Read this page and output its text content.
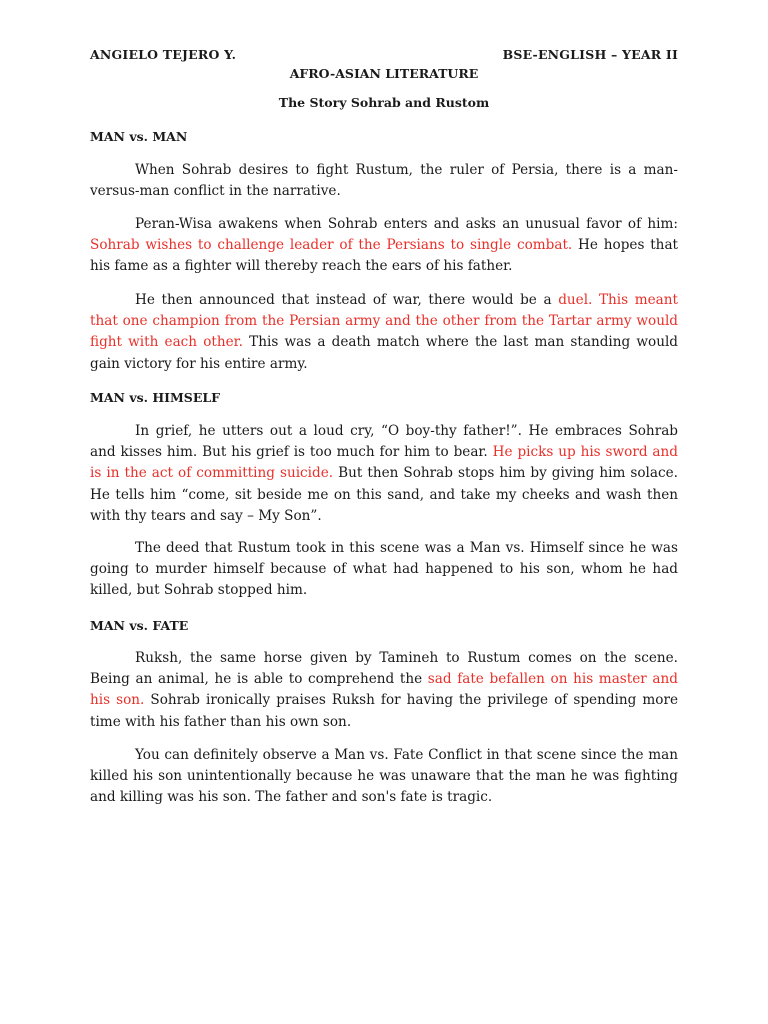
ANGIELO TEJERO Y.	BSE-ENGLISH – YEAR II
AFRO-ASIAN LITERATURE
The Story Sohrab and Rustom
MAN vs. MAN

When Sohrab desires to fight Rustum, the ruler of Persia, there is a man-versus-man conflict in the narrative.

Peran-Wisa awakens when Sohrab enters and asks an unusual favor of him: Sohrab wishes to challenge leader of the Persians to single combat. He hopes that his fame as a fighter will thereby reach the ears of his father.

He then announced that instead of war, there would be a duel. This meant that one champion from the Persian army and the other from the Tartar army would fight with each other. This was a death match where the last man standing would gain victory for his entire army.

MAN vs. HIMSELF

In grief, he utters out a loud cry, “O boy-thy father!”. He embraces Sohrab and kisses him. But his grief is too much for him to bear. He picks up his sword and is in the act of committing suicide. But then Sohrab stops him by giving him solace. He tells him “come, sit beside me on this sand, and take my cheeks and wash then with thy tears and say – My Son”.

The deed that Rustum took in this scene was a Man vs. Himself since he was going to murder himself because of what had happened to his son, whom he had killed, but Sohrab stopped him.

MAN vs. FATE

Ruksh, the same horse given by Tamineh to Rustum comes on the scene. Being an animal, he is able to comprehend the sad fate befallen on his master and his son. Sohrab ironically praises Ruksh for having the privilege of spending more time with his father than his own son.

You can definitely observe a Man vs. Fate Conflict in that scene since the man killed his son unintentionally because he was unaware that the man he was fighting and killing was his son. The father and son's fate is tragic.
